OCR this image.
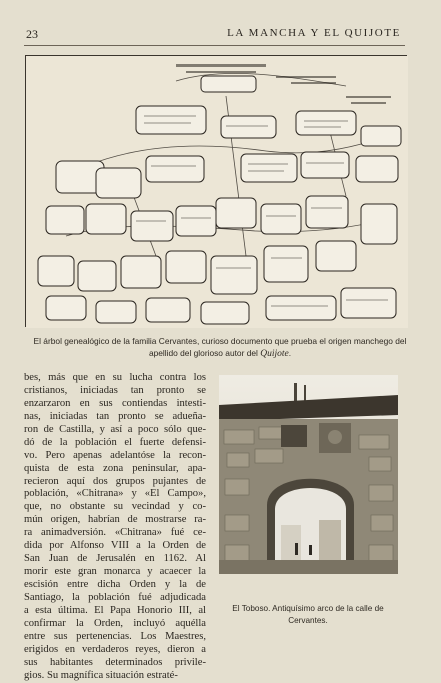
23	LA MANCHA Y EL QUIJOTE
El árbol genealógico de la familia Cervantes, curioso documento que prueba el origen manchego del
apellido del glorioso autor del Quijote.
bes, más que en su lucha contra los
cristianos, iniciadas tan pronto se
enzarzaron en sus contiendas intesti-
nas, iniciadas tan pronto se adueña-
ron de Castilla, y así a poco sólo que-
dó de la población el fuerte defensi-
vo. Pero apenas adelantóse la recon-
quista de esta zona peninsular, apa-
recieron aquí dos grupos pujantes de
población, «Chitrana» y «El Campo»,
que, no obstante su vecindad y co-
mún origen, habrían de mostrarse ra-
ra animadversión. «Chitrana» fué ce-
dida por Alfonso VIII a la Orden de
San Juan de Jerusalén en 1162. Al
morir este gran monarca y acaecer la
escisión entre dicha Orden y la de
Santiago, la población fué adjudicada
a esta última. El Papa Honorio III, al
confirmar la Orden, incluyó aquélla
entre sus pertenencias. Los Maestres,
erigidos en verdaderos reyes, dieron a
sus habitantes determinados privile-
gios. Su magnífica situación estraté-
El Toboso. Antiquísimo arco de la calle de
Cervantes.
